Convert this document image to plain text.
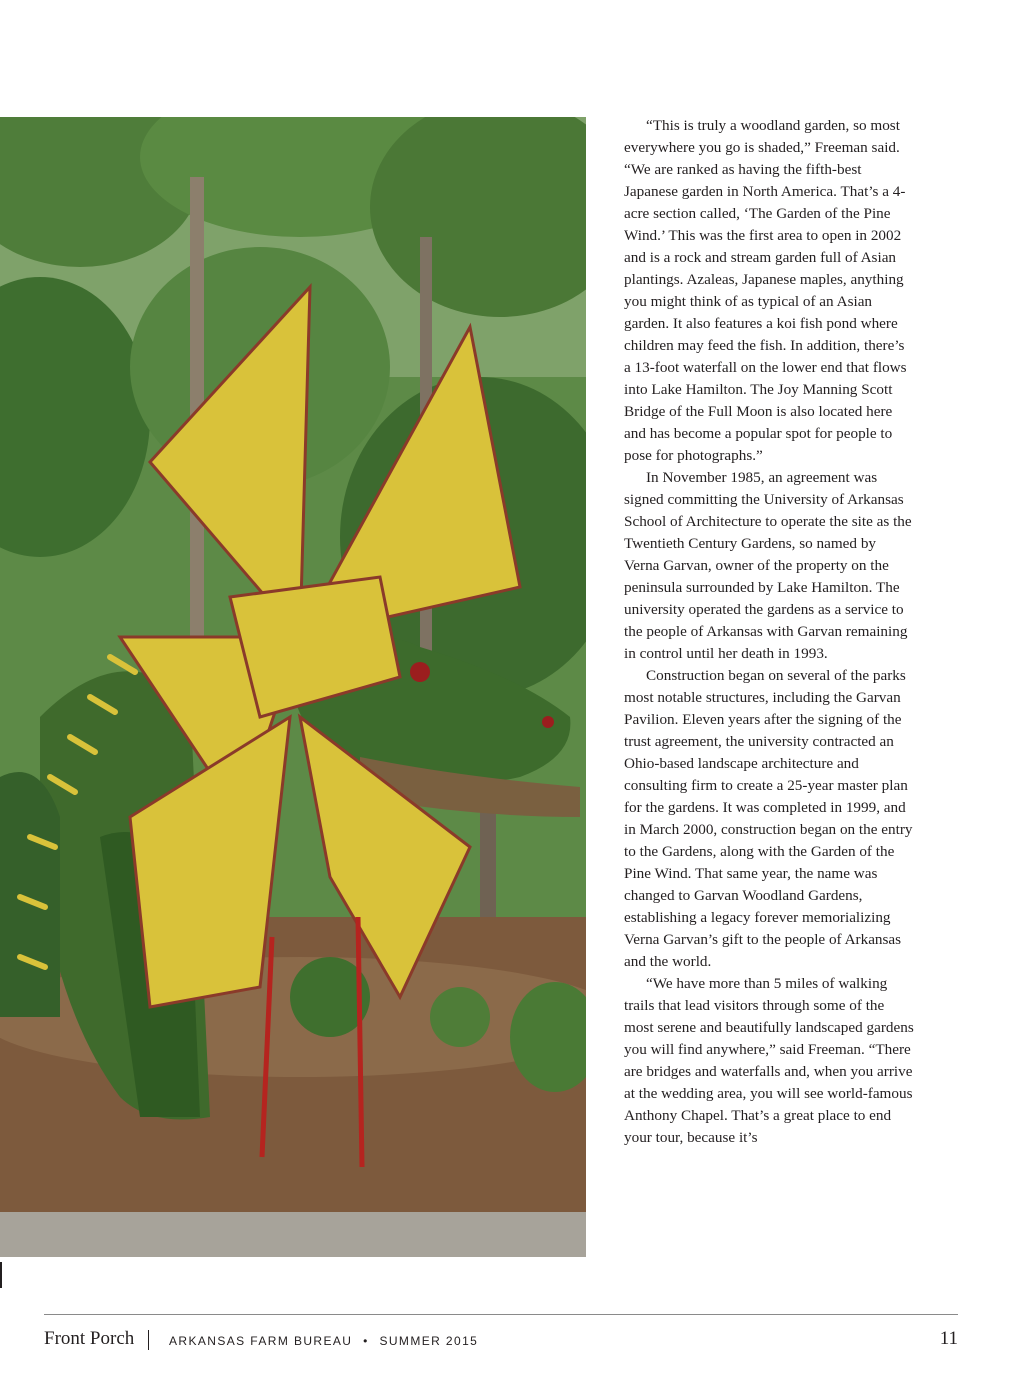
“This is truly a woodland garden, so most everywhere you go is shaded,” Freeman said. “We are ranked as having the fifth-best Japanese garden in North America. That’s a 4-acre section called, ‘The Garden of the Pine Wind.’ This was the first area to open in 2002 and is a rock and stream garden full of Asian plantings. Azaleas, Japanese maples, anything you might think of as typical of an Asian garden. It also features a koi fish pond where children may feed the fish. In addition, there’s a 13-foot waterfall on the lower end that flows into Lake Hamilton. The Joy Manning Scott Bridge of the Full Moon is also located here and has become a popular spot for people to pose for photographs.”

In November 1985, an agreement was signed committing the University of Arkansas School of Architecture to operate the site as the Twentieth Century Gardens, so named by Verna Garvan, owner of the property on the peninsula surrounded by Lake Hamilton. The university operated the gardens as a service to the people of Arkansas with Garvan remaining in control until her death in 1993.

Construction began on several of the parks most notable structures, including the Garvan Pavilion. Eleven years after the signing of the trust agreement, the university contracted an Ohio-based landscape architecture and consulting firm to create a 25-year master plan for the gardens. It was completed in 1999, and in March 2000, construction began on the entry to the Gardens, along with the Garden of the Pine Wind. That same year, the name was changed to Garvan Woodland Gardens, establishing a legacy forever memorializing Verna Garvan’s gift to the people of Arkansas and the world.

“We have more than 5 miles of walking trails that lead visitors through some of the most serene and beautifully landscaped gardens you will find anywhere,” said Freeman. “There are bridges and waterfalls and, when you arrive at the wedding area, you will see world-famous Anthony Chapel. That’s a great place to end your tour, because it’s

Front Porch	ARKANSAS FARM BUREAU • SUMMER 2015	11
